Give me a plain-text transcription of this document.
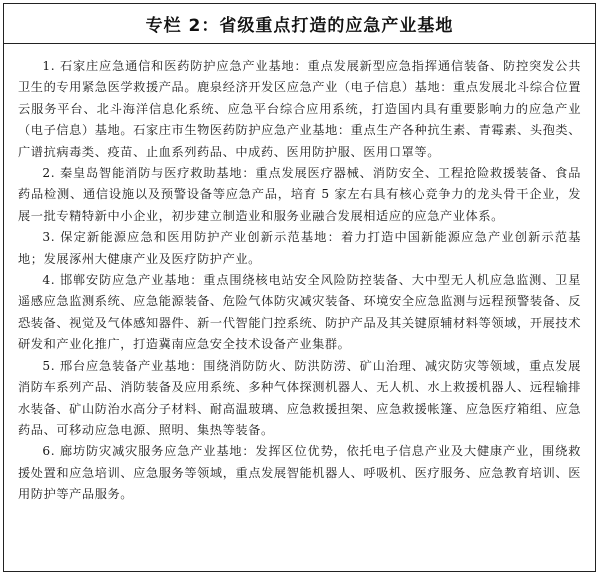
专栏 2：省级重点打造的应急产业基地

1. 石家庄应急通信和医药防护应急产业基地：重点发展新型应急指挥通信装备、防控突发公共卫生的专用紧急医学救援产品。鹿泉经济开发区应急产业（电子信息）基地：重点发展北斗综合位置云服务平台、北斗海洋信息化系统、应急平台综合应用系统，打造国内具有重要影响力的应急产业（电子信息）基地。石家庄市生物医药防护应急产业基地：重点生产各种抗生素、青霉素、头孢类、广谱抗病毒类、疫苗、止血系列药品、中成药、医用防护服、医用口罩等。

2. 秦皇岛智能消防与医疗救助基地：重点发展医疗器械、消防安全、工程抢险救援装备、食品药品检测、通信设施以及预警设备等应急产品，培育 5 家左右具有核心竞争力的龙头骨干企业，发展一批专精特新中小企业，初步建立制造业和服务业融合发展相适应的应急产业体系。

3. 保定新能源应急和医用防护产业创新示范基地：着力打造中国新能源应急产业创新示范基地；发展涿州大健康产业及医疗防护产业。

4. 邯郸安防应急产业基地：重点围绕核电站安全风险防控装备、大中型无人机应急监测、卫星遥感应急监测系统、应急能源装备、危险气体防灾减灾装备、环境安全应急监测与远程预警装备、反恐装备、视觉及气体感知器件、新一代智能门控系统、防护产品及其关键原辅材料等领域，开展技术研发和产业化推广，打造冀南应急安全技术设备产业集群。

5. 邢台应急装备产业基地：围绕消防防火、防洪防涝、矿山治理、减灾防灾等领域，重点发展消防车系列产品、消防装备及应用系统、多种气体探测机器人、无人机、水上救援机器人、远程输排水装备、矿山防治水高分子材料、耐高温玻璃、应急救援担架、应急救援帐篷、应急医疗箱组、应急药品、可移动应急电源、照明、集热等装备。

6. 廊坊防灾减灾服务应急产业基地：发挥区位优势，依托电子信息产业及大健康产业，围绕救援处置和应急培训、应急服务等领域，重点发展智能机器人、呼吸机、医疗服务、应急教育培训、医用防护等产品服务。
